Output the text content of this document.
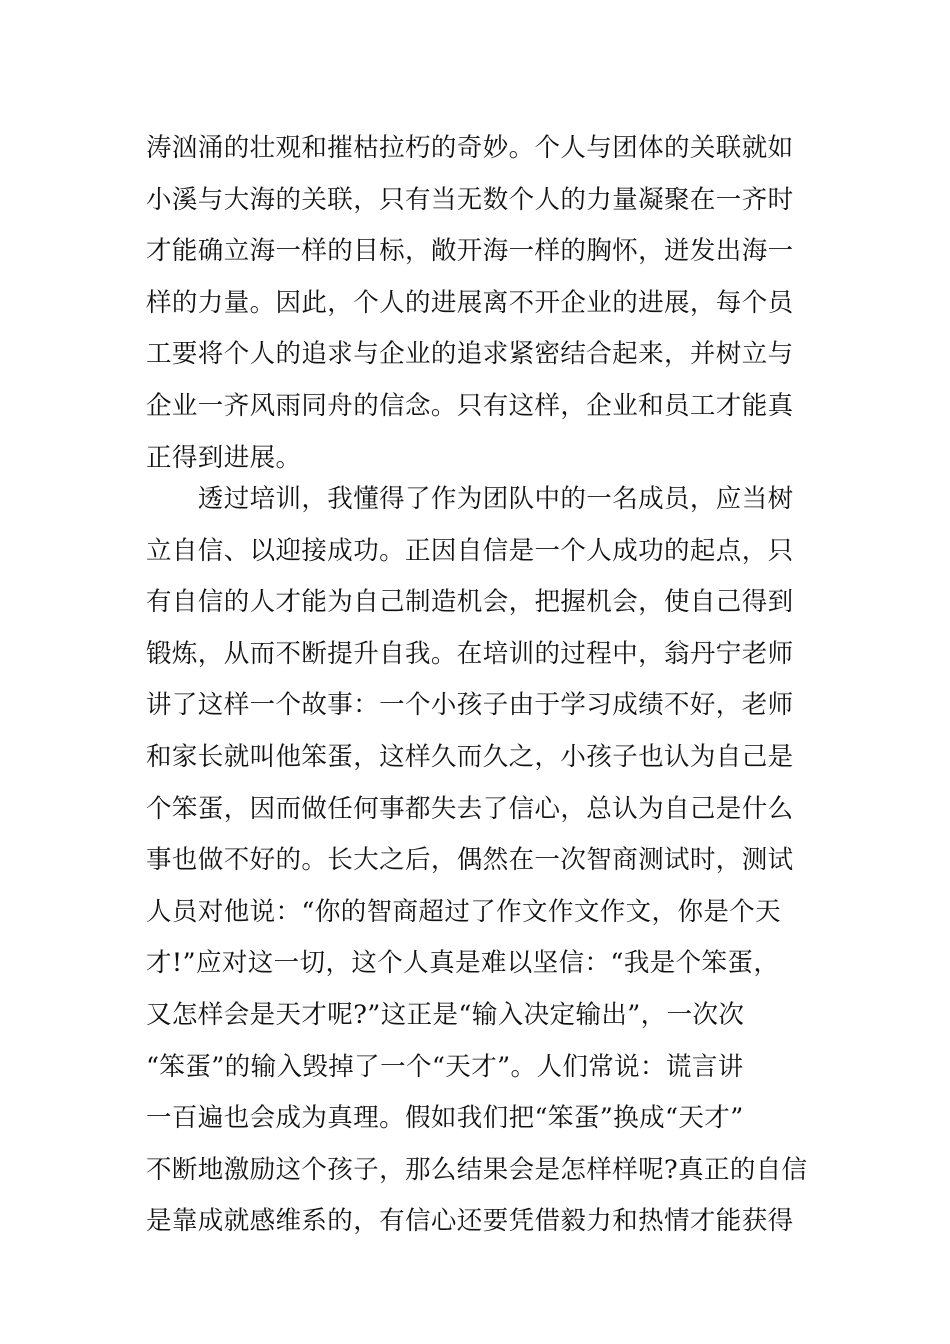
涛汹涌的壮观和摧枯拉朽的奇妙。个人与团体的关联就如
小溪与大海的关联，只有当无数个人的力量凝聚在一齐时
才能确立海一样的目标，敞开海一样的胸怀，迸发出海一
样的力量。因此，个人的进展离不开企业的进展，每个员
工要将个人的追求与企业的追求紧密结合起来，并树立与
企业一齐风雨同舟的信念。只有这样，企业和员工才能真
正得到进展。
　　透过培训，我懂得了作为团队中的一名成员，应当树
立自信、以迎接成功。正因自信是一个人成功的起点，只
有自信的人才能为自己制造机会，把握机会，使自己得到
锻炼，从而不断提升自我。在培训的过程中，翁丹宁老师
讲了这样一个故事：一个小孩子由于学习成绩不好，老师
和家长就叫他笨蛋，这样久而久之，小孩子也认为自己是
个笨蛋，因而做任何事都失去了信心，总认为自己是什么
事也做不好的。长大之后，偶然在一次智商测试时，测试
人员对他说：“你的智商超过了作文作文作文，你是个天
才!”应对这一切，这个人真是难以坚信：“我是个笨蛋，
又怎样会是天才呢?”这正是“输入决定输出”，一次次
“笨蛋”的输入毁掉了一个“天才”。人们常说：谎言讲
一百遍也会成为真理。假如我们把“笨蛋”换成“天才”
不断地激励这个孩子，那么结果会是怎样样呢?真正的自信
是靠成就感维系的，有信心还要凭借毅力和热情才能获得
